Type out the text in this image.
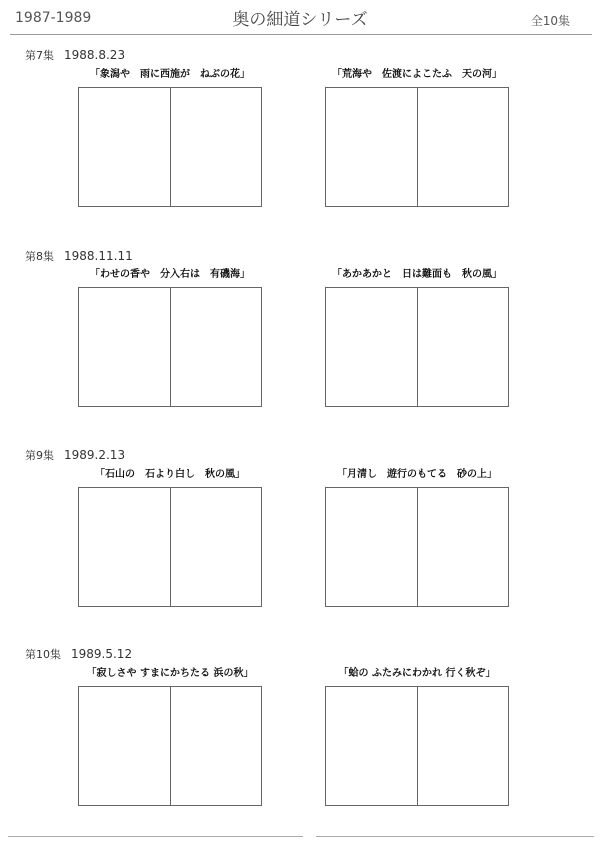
1987-1989	奥の細道シリーズ	全10集
第7集 1988.8.23
「象潟や　雨に西施が　ねぶの花」	「荒海や　佐渡によこたふ　天の河」
第8集 1988.11.11
「わせの香や　分入右は　有磯海」	「あかあかと　日は難面も　秋の風」
第9集 1989.2.13
「石山の　石より白し　秋の風」	「月清し　遊行のもてる　砂の上」
第10集 1989.5.12
「寂しさや すまにかちたる 浜の秋」	「蛤の ふたみにわかれ 行く秋ぞ」
